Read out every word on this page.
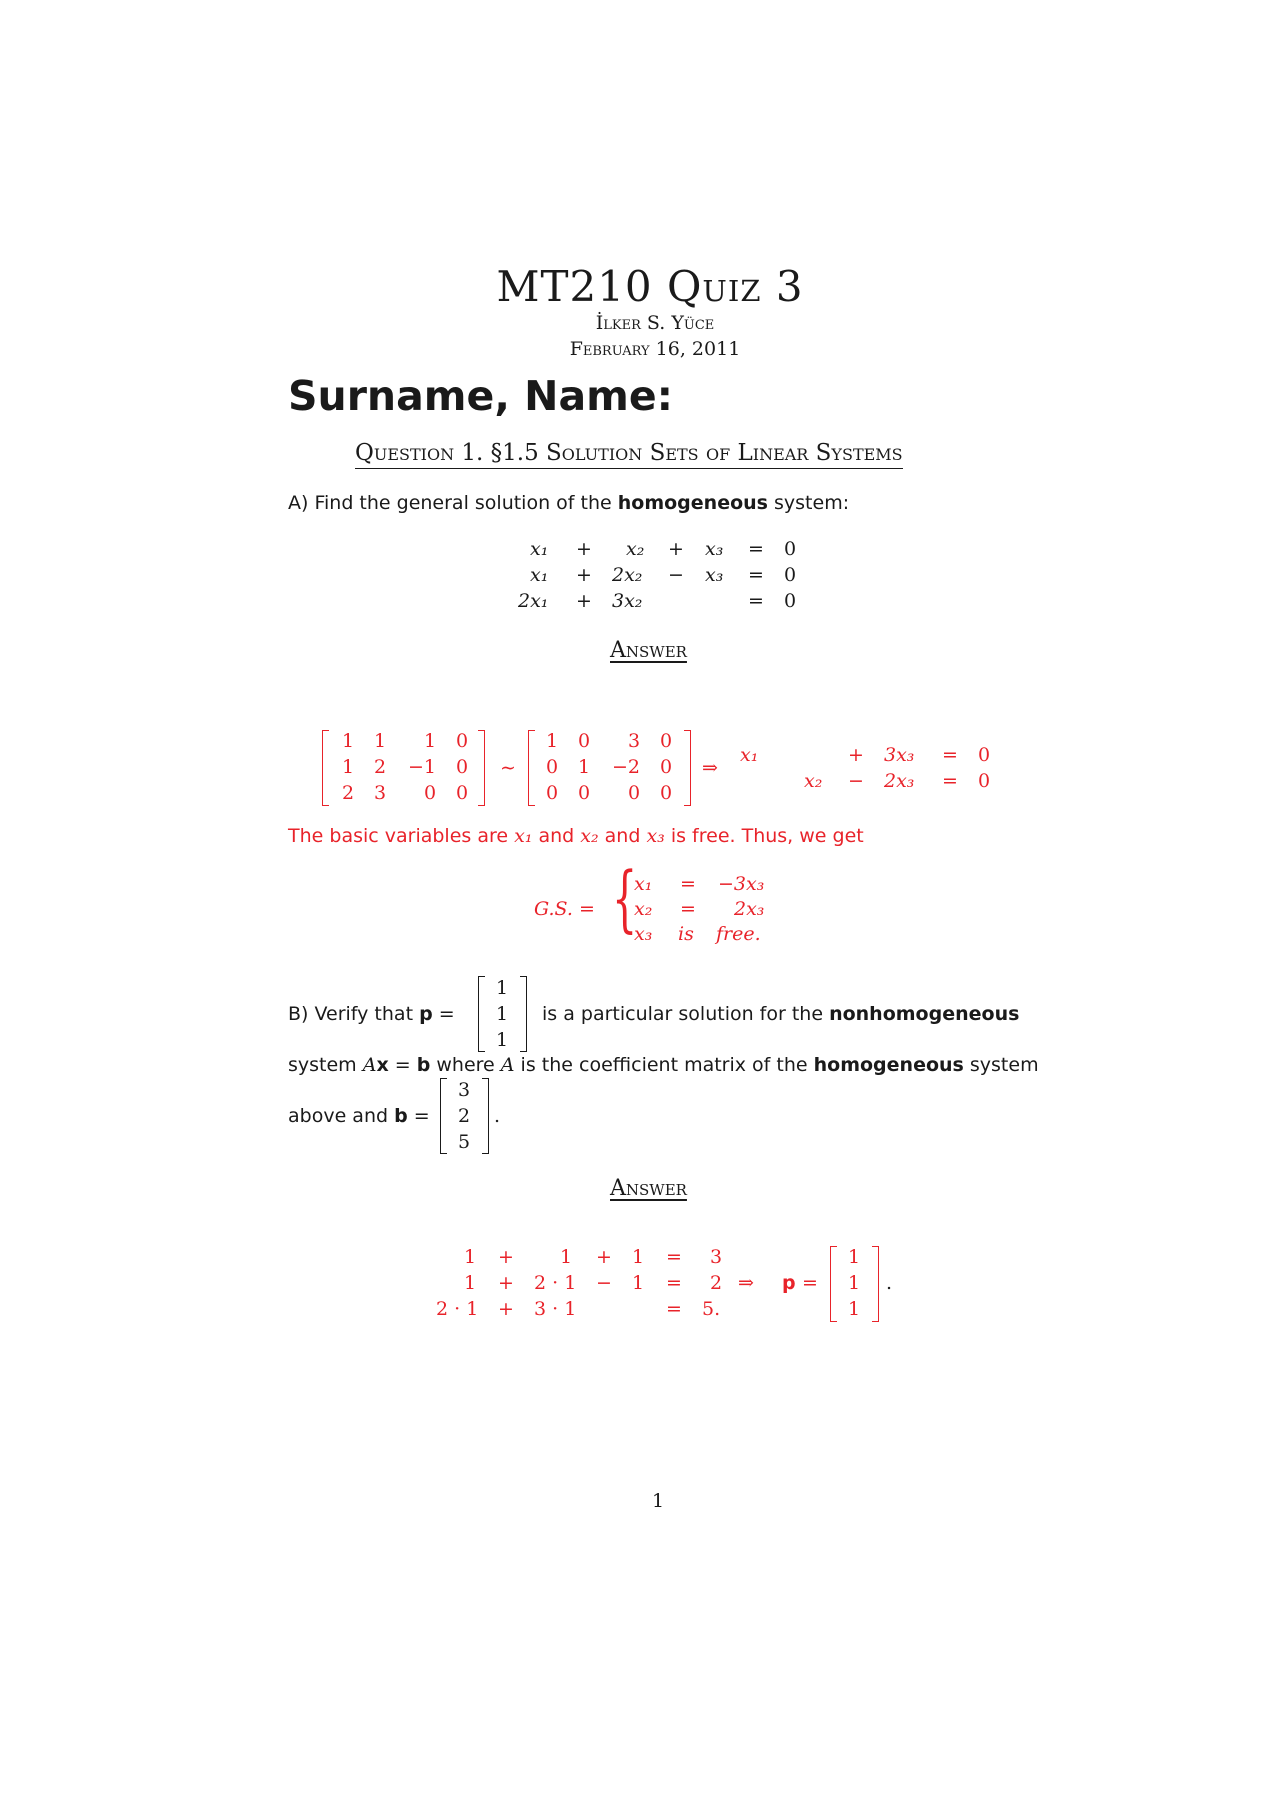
MT210 Quiz 3
İlker S. Yüce
February 16, 2011
Surname, Name:
Question 1. §1.5 Solution Sets of Linear Systems
A) Find the general solution of the homogeneous system:
x₁ + x₂ + x₃ = 0
x₁ + 2x₂ − x₃ = 0
2x₁ + 3x₂	= 0
Answer
1 1 1 0
1 2 −1 0
2 3 0 0
∼
1 0 3 0
0 1 −2 0
0 0 0 0
⇒
x₁	+ 3x₃ = 0
x₂ − 2x₃ = 0
The basic variables are x₁ and x₂ and x₃ is free. Thus, we get
G.S. = {
x₁ = −3x₃
x₂ = 2x₃
x₃ is free.
B) Verify that p =
1
1
1
is a particular solution for the nonhomogeneous
system Ax = b where A is the coefficient matrix of the homogeneous system
above and b =
3
2
5
.
Answer
1 + 1 + 1 = 3
1 + 2 · 1 − 1 = 2
2 · 1 + 3 · 1	= 5.
⇒ p =
1
1
1
.
1
